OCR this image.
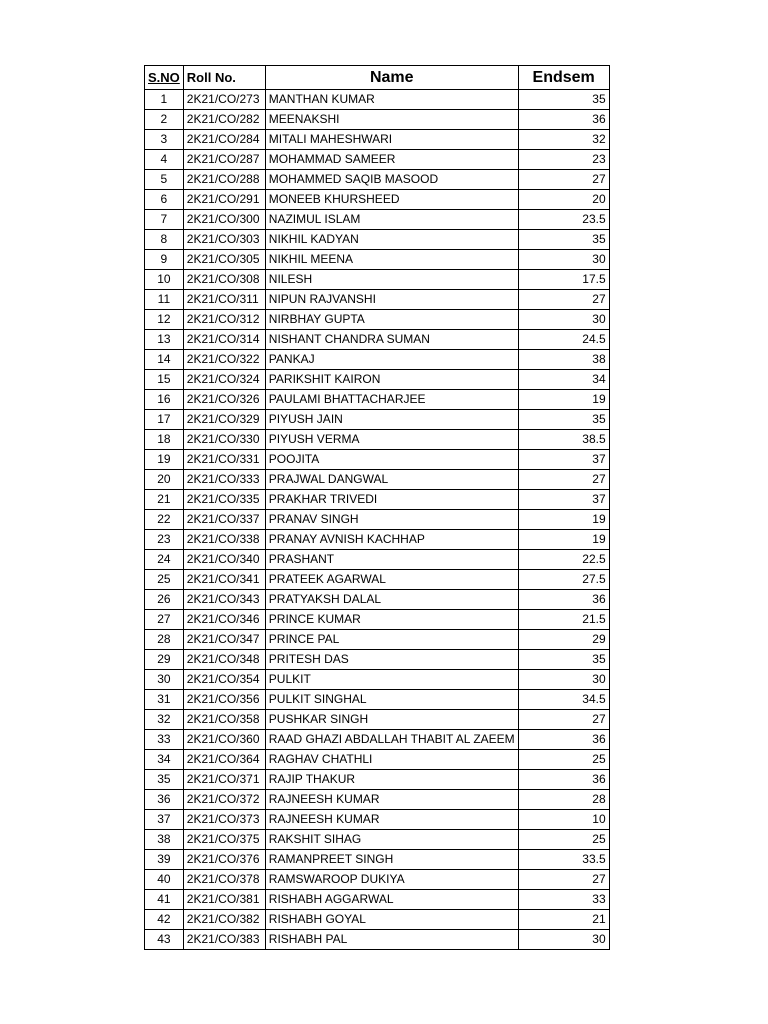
S.NO	Roll No.	Name	Endsem
1	2K21/CO/273	MANTHAN KUMAR	35
2	2K21/CO/282	MEENAKSHI	36
3	2K21/CO/284	MITALI MAHESHWARI	32
4	2K21/CO/287	MOHAMMAD SAMEER	23
5	2K21/CO/288	MOHAMMED SAQIB MASOOD	27
6	2K21/CO/291	MONEEB KHURSHEED	20
7	2K21/CO/300	NAZIMUL ISLAM	23.5
8	2K21/CO/303	NIKHIL KADYAN	35
9	2K21/CO/305	NIKHIL MEENA	30
10	2K21/CO/308	NILESH	17.5
11	2K21/CO/311	NIPUN RAJVANSHI	27
12	2K21/CO/312	NIRBHAY GUPTA	30
13	2K21/CO/314	NISHANT CHANDRA SUMAN	24.5
14	2K21/CO/322	PANKAJ	38
15	2K21/CO/324	PARIKSHIT KAIRON	34
16	2K21/CO/326	PAULAMI BHATTACHARJEE	19
17	2K21/CO/329	PIYUSH JAIN	35
18	2K21/CO/330	PIYUSH VERMA	38.5
19	2K21/CO/331	POOJITA	37
20	2K21/CO/333	PRAJWAL DANGWAL	27
21	2K21/CO/335	PRAKHAR TRIVEDI	37
22	2K21/CO/337	PRANAV SINGH	19
23	2K21/CO/338	PRANAY AVNISH KACHHAP	19
24	2K21/CO/340	PRASHANT	22.5
25	2K21/CO/341	PRATEEK AGARWAL	27.5
26	2K21/CO/343	PRATYAKSH DALAL	36
27	2K21/CO/346	PRINCE KUMAR	21.5
28	2K21/CO/347	PRINCE PAL	29
29	2K21/CO/348	PRITESH DAS	35
30	2K21/CO/354	PULKIT	30
31	2K21/CO/356	PULKIT SINGHAL	34.5
32	2K21/CO/358	PUSHKAR SINGH	27
33	2K21/CO/360	RAAD GHAZI ABDALLAH THABIT AL ZAEEM	36
34	2K21/CO/364	RAGHAV CHATHLI	25
35	2K21/CO/371	RAJIP THAKUR	36
36	2K21/CO/372	RAJNEESH KUMAR	28
37	2K21/CO/373	RAJNEESH KUMAR	10
38	2K21/CO/375	RAKSHIT SIHAG	25
39	2K21/CO/376	RAMANPREET SINGH	33.5
40	2K21/CO/378	RAMSWAROOP DUKIYA	27
41	2K21/CO/381	RISHABH AGGARWAL	33
42	2K21/CO/382	RISHABH GOYAL	21
43	2K21/CO/383	RISHABH PAL	30
